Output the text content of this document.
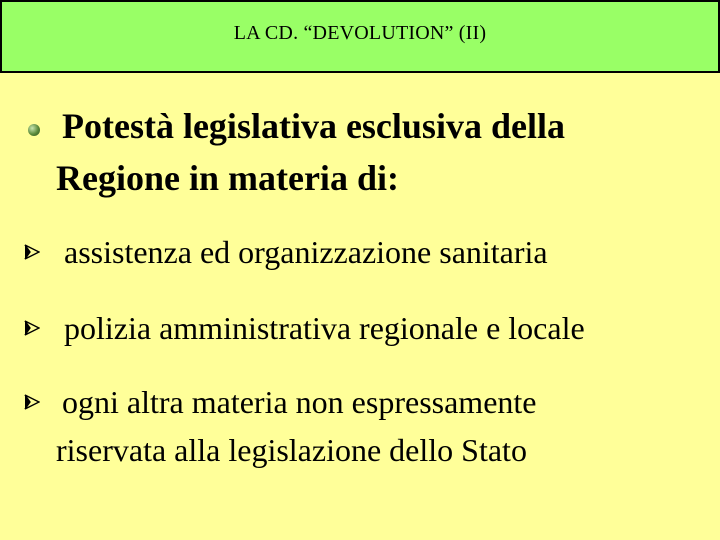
LA CD. “DEVOLUTION” (II)
Potestà legislativa esclusiva della
Regione in materia di:
assistenza ed organizzazione sanitaria
polizia amministrativa regionale e locale
ogni altra materia non espressamente
riservata alla legislazione dello Stato
